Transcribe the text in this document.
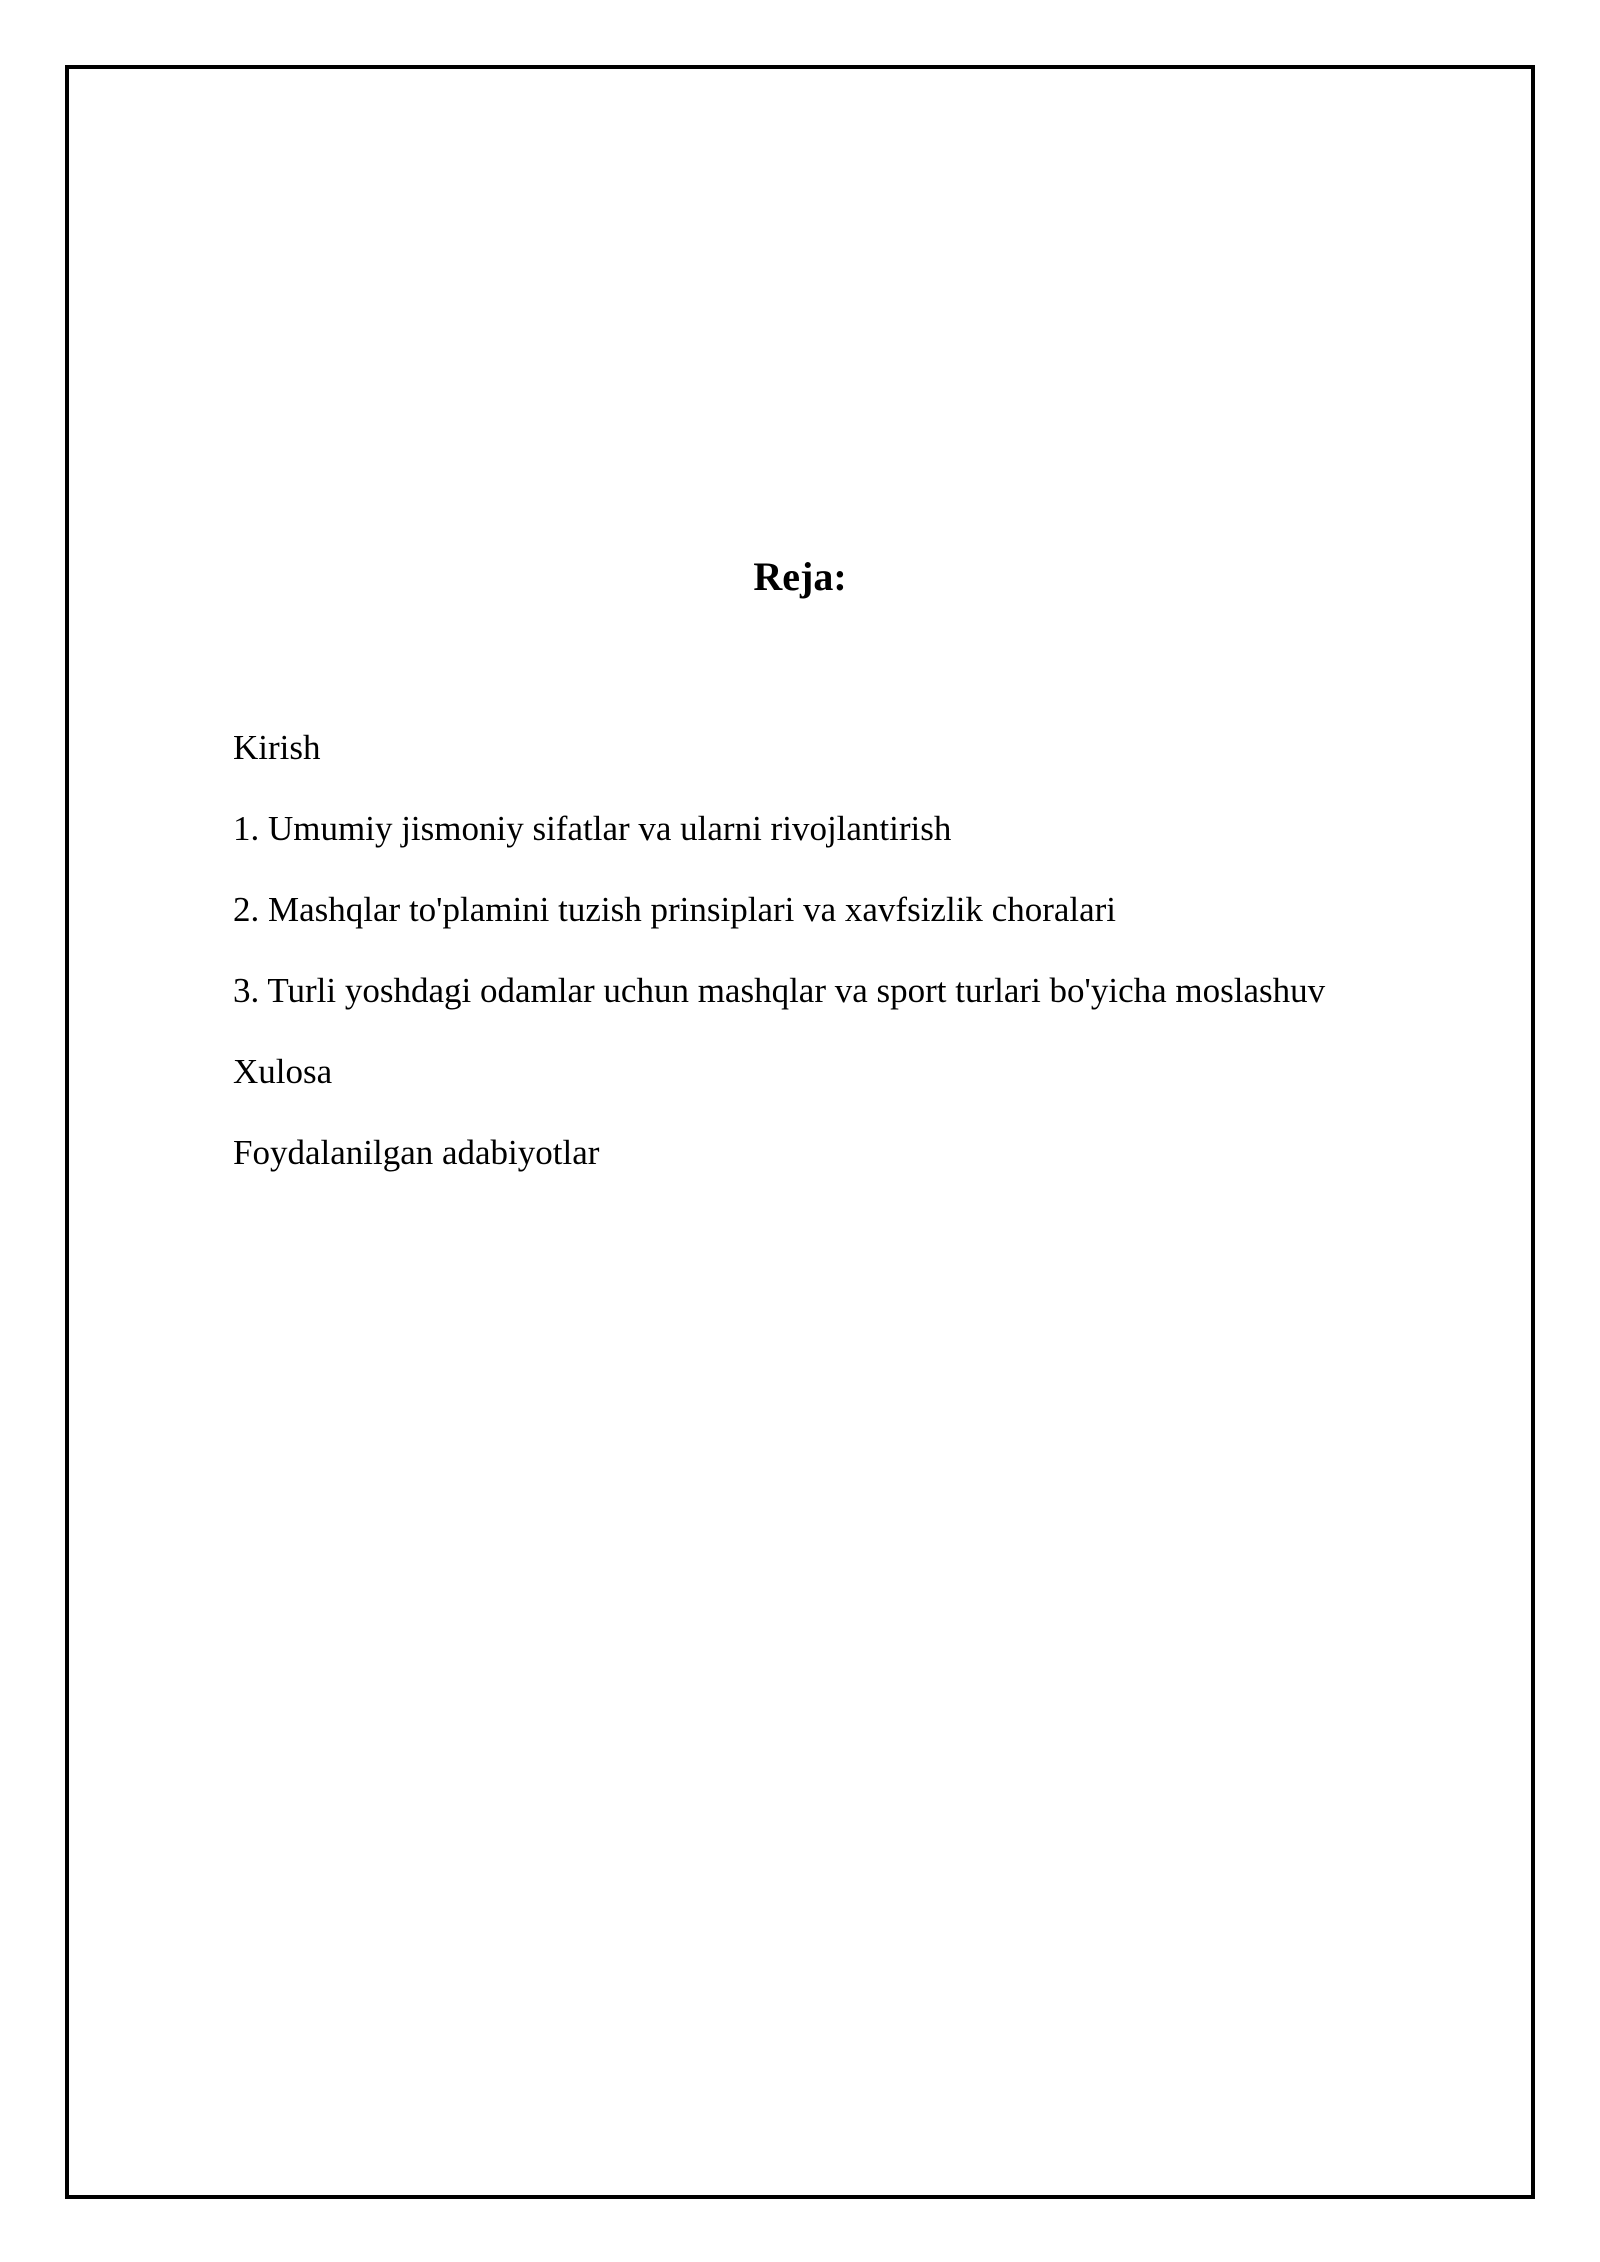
Reja:
Kirish
1. Umumiy jismoniy sifatlar va ularni rivojlantirish
2. Mashqlar to'plamini tuzish prinsiplari va xavfsizlik choralari
3. Turli yoshdagi odamlar uchun mashqlar va sport turlari bo'yicha moslashuv
Xulosa
Foydalanilgan adabiyotlar
